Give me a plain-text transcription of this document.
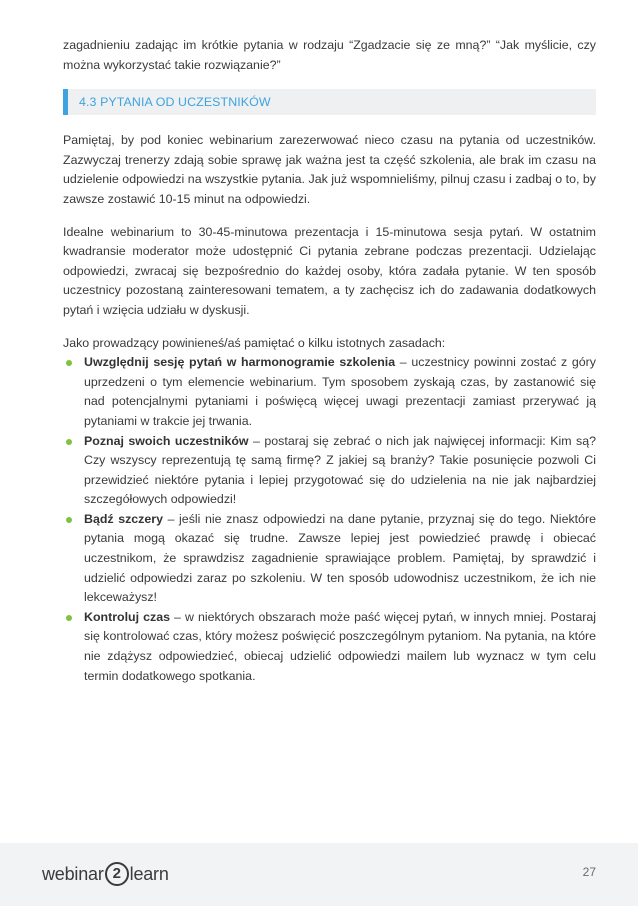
zagadnieniu zadając im krótkie pytania w rodzaju “Zgadzacie się ze mną?” “Jak myślicie, czy można wykorzystać takie rozwiązanie?”

4.3 PYTANIA OD UCZESTNIKÓW

Pamiętaj, by pod koniec webinarium zarezerwować nieco czasu na pytania od uczestników. Zazwyczaj trenerzy zdają sobie sprawę jak ważna jest ta część szkolenia, ale brak im czasu na udzielenie odpowiedzi na wszystkie pytania. Jak już wspomnieliśmy, pilnuj czasu i zadbaj o to, by zawsze zostawić 10-15 minut na odpowiedzi.

Idealne webinarium to 30-45-minutowa prezentacja i 15-minutowa sesja pytań. W ostatnim kwadransie moderator może udostępnić Ci pytania zebrane podczas prezentacji. Udzielając odpowiedzi, zwracaj się bezpośrednio do każdej osoby, która zadała pytanie. W ten sposób uczestnicy pozostaną zainteresowani tematem, a ty zachęcisz ich do zadawania dodatkowych pytań i wzięcia udziału w dyskusji.

Jako prowadzący powinieneś/aś pamiętać o kilku istotnych zasadach:

Uwzględnij sesję pytań w harmonogramie szkolenia – uczestnicy powinni zostać z góry uprzedzeni o tym elemencie webinarium. Tym sposobem zyskają czas, by zastanowić się nad potencjalnymi pytaniami i poświęcą więcej uwagi prezentacji zamiast przerywać ją pytaniami w trakcie jej trwania.
Poznaj swoich uczestników – postaraj się zebrać o nich jak najwięcej informacji: Kim są? Czy wszyscy reprezentują tę samą firmę? Z jakiej są branży? Takie posunięcie pozwoli Ci przewidzieć niektóre pytania i lepiej przygotować się do udzielenia na nie jak najbardziej szczegółowych odpowiedzi!
Bądź szczery – jeśli nie znasz odpowiedzi na dane pytanie, przyznaj się do tego. Niektóre pytania mogą okazać się trudne. Zawsze lepiej jest powiedzieć prawdę i obiecać uczestnikom, że sprawdzisz zagadnienie sprawiające problem. Pamiętaj, by sprawdzić i udzielić odpowiedzi zaraz po szkoleniu. W ten sposób udowodnisz uczestnikom, że ich nie lekceważysz!
Kontroluj czas – w niektórych obszarach może paść więcej pytań, w innych mniej. Postaraj się kontrolować czas, który możesz poświęcić poszczególnym pytaniom. Na pytania, na które nie zdążysz odpowiedzieć, obiecaj udzielić odpowiedzi mailem lub wyznacz w tym celu termin dodatkowego spotkania.
webinar 2 learn	27
